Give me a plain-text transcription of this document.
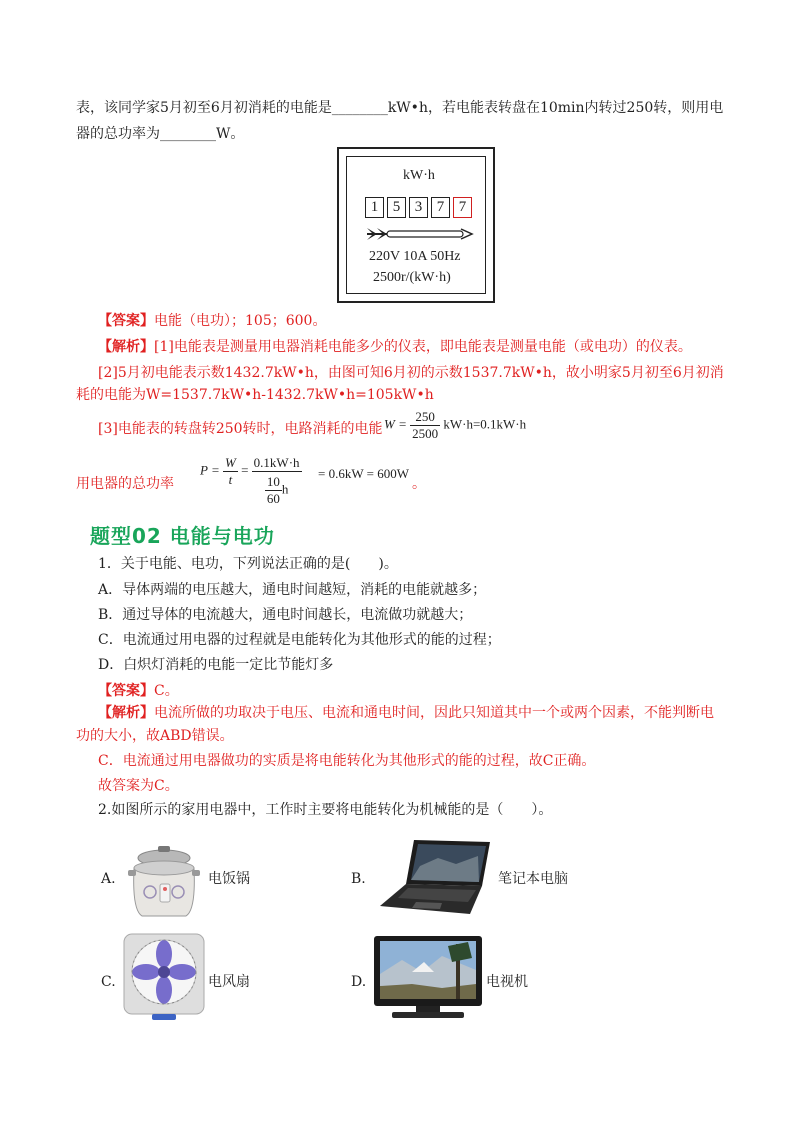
表，该同学家5月初至6月初消耗的电能是________kW•h，若电能表转盘在10min内转过250转，则用电
器的总功率为________W。
kW·h
1 5 3 7 7
220V 10A 50Hz
2500r/(kW·h)
【答案】电能（电功）；105；600。
【解析】[1]电能表是测量用电器消耗电能多少的仪表，即电能表是测量电能（或电功）的仪表。
[2]5月初电能表示数1432.7kW•h，由图可知6月初的示数1537.7kW•h，故小明家5月初至6月初消
耗的电能为W=1537.7kW•h-1432.7kW•h=105kW•h
[3]电能表的转盘转250转时，电路消耗的电能 $W = \frac{250}{2500} kW\cdot h=0.1kW\cdot h$
用电器的总功率
$P = \frac{W}{t} = \frac{0.1kW\cdot h}{\frac{10}{60} h} = 0.6kW = 600W$
。
题型02 电能与电功
1．关于电能、电功，下列说法正确的是(　　)。
A．导体两端的电压越大，通电时间越短，消耗的电能就越多；
B．通过导体的电流越大，通电时间越长，电流做功就越大；
C．电流通过用电器的过程就是电能转化为其他形式的能的过程；
D．白炽灯消耗的电能一定比节能灯多
【答案】C。
【解析】电流所做的功取决于电压、电流和通电时间，因此只知道其中一个或两个因素，不能判断电
功的大小，故ABD错误。
C．电流通过用电器做功的实质是将电能转化为其他形式的能的过程，故C正确。
故答案为C。
2.如图所示的家用电器中，工作时主要将电能转化为机械能的是（　　）。
A.	电饭锅	B.	笔记本电脑
C.	电风扇	D.	电视机
